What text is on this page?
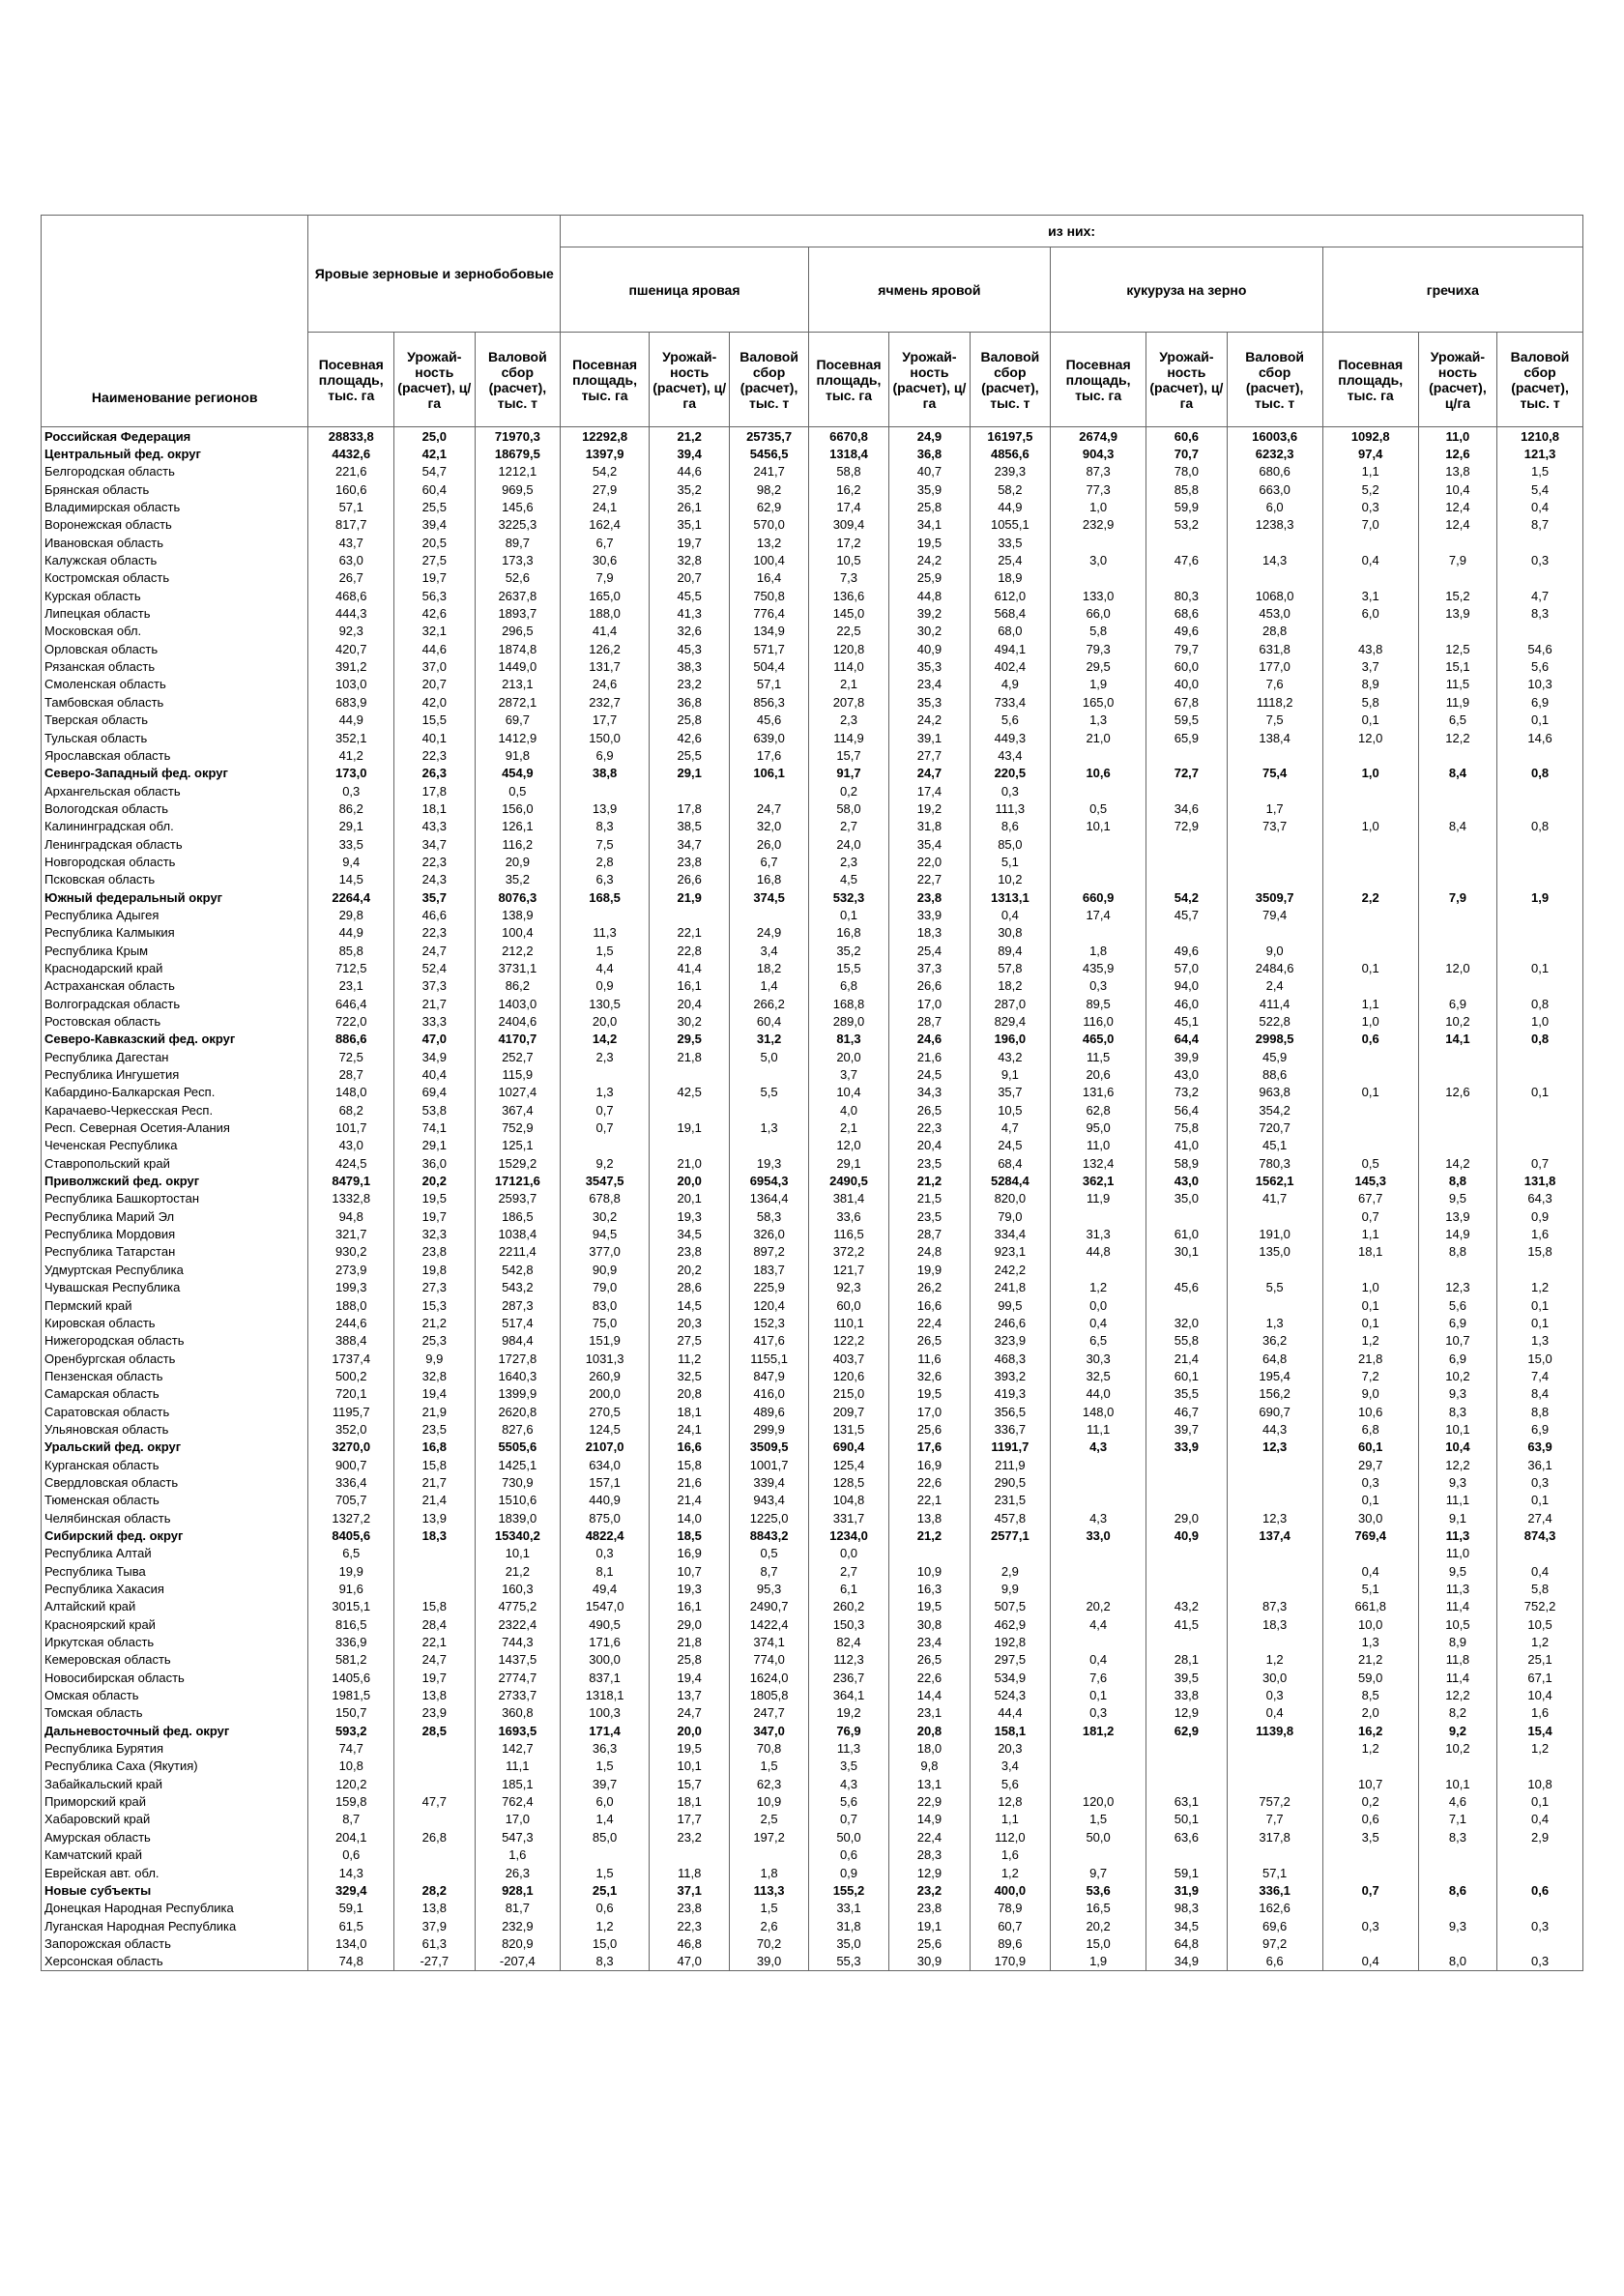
Наименование регионов	Яровые зерновые и зернобобовые			из них:											
				пшеница яровая			ячмень яровой			кукуруза на зерно			гречиха		
	Посевная площадь, тыс. га	Урожай-ность (расчет), ц/га	Валовой сбор (расчет), тыс. т	Посевная площадь, тыс. га	Урожай-ность (расчет), ц/га	Валовой сбор (расчет), тыс. т	Посевная площадь, тыс. га	Урожай-ность (расчет), ц/га	Валовой сбор (расчет), тыс. т	Посевная площадь, тыс. га	Урожай-ность (расчет), ц/га	Валовой сбор (расчет), тыс. т	Посевная площадь, тыс. га	Урожай-ность (расчет), ц/га	Валовой сбор (расчет), тыс. т
Российская Федерация	28833,8	25,0	71970,3	12292,8	21,2	25735,7	6670,8	24,9	16197,5	2674,9	60,6	16003,6	1092,8	11,0	1210,8
Центральный фед. округ	4432,6	42,1	18679,5	1397,9	39,4	5456,5	1318,4	36,8	4856,6	904,3	70,7	6232,3	97,4	12,6	121,3
Белгородская область	221,6	54,7	1212,1	54,2	44,6	241,7	58,8	40,7	239,3	87,3	78,0	680,6	1,1	13,8	1,5
Брянская область	160,6	60,4	969,5	27,9	35,2	98,2	16,2	35,9	58,2	77,3	85,8	663,0	5,2	10,4	5,4
Владимирская область	57,1	25,5	145,6	24,1	26,1	62,9	17,4	25,8	44,9	1,0	59,9	6,0	0,3	12,4	0,4
Воронежская область	817,7	39,4	3225,3	162,4	35,1	570,0	309,4	34,1	1055,1	232,9	53,2	1238,3	7,0	12,4	8,7
Ивановская область	43,7	20,5	89,7	6,7	19,7	13,2	17,2	19,5	33,5						
Калужская область	63,0	27,5	173,3	30,6	32,8	100,4	10,5	24,2	25,4	3,0	47,6	14,3	0,4	7,9	0,3
Костромская область	26,7	19,7	52,6	7,9	20,7	16,4	7,3	25,9	18,9						
Курская область	468,6	56,3	2637,8	165,0	45,5	750,8	136,6	44,8	612,0	133,0	80,3	1068,0	3,1	15,2	4,7
Липецкая область	444,3	42,6	1893,7	188,0	41,3	776,4	145,0	39,2	568,4	66,0	68,6	453,0	6,0	13,9	8,3
Московская обл.	92,3	32,1	296,5	41,4	32,6	134,9	22,5	30,2	68,0	5,8	49,6	28,8			
Орловская область	420,7	44,6	1874,8	126,2	45,3	571,7	120,8	40,9	494,1	79,3	79,7	631,8	43,8	12,5	54,6
Рязанская область	391,2	37,0	1449,0	131,7	38,3	504,4	114,0	35,3	402,4	29,5	60,0	177,0	3,7	15,1	5,6
Смоленская область	103,0	20,7	213,1	24,6	23,2	57,1	2,1	23,4	4,9	1,9	40,0	7,6	8,9	11,5	10,3
Тамбовская область	683,9	42,0	2872,1	232,7	36,8	856,3	207,8	35,3	733,4	165,0	67,8	1118,2	5,8	11,9	6,9
Тверская область	44,9	15,5	69,7	17,7	25,8	45,6	2,3	24,2	5,6	1,3	59,5	7,5	0,1	6,5	0,1
Тульская область	352,1	40,1	1412,9	150,0	42,6	639,0	114,9	39,1	449,3	21,0	65,9	138,4	12,0	12,2	14,6
Ярославская область	41,2	22,3	91,8	6,9	25,5	17,6	15,7	27,7	43,4						
Северо-Западный фед. округ	173,0	26,3	454,9	38,8	29,1	106,1	91,7	24,7	220,5	10,6	72,7	75,4	1,0	8,4	0,8
Архангельская область	0,3	17,8	0,5				0,2	17,4	0,3						
Вологодская область	86,2	18,1	156,0	13,9	17,8	24,7	58,0	19,2	111,3	0,5	34,6	1,7			
Калининградская обл.	29,1	43,3	126,1	8,3	38,5	32,0	2,7	31,8	8,6	10,1	72,9	73,7	1,0	8,4	0,8
Ленинградская область	33,5	34,7	116,2	7,5	34,7	26,0	24,0	35,4	85,0						
Новгородская область	9,4	22,3	20,9	2,8	23,8	6,7	2,3	22,0	5,1						
Псковская область	14,5	24,3	35,2	6,3	26,6	16,8	4,5	22,7	10,2						
Южный федеральный округ	2264,4	35,7	8076,3	168,5	21,9	374,5	532,3	23,8	1313,1	660,9	54,2	3509,7	2,2	7,9	1,9
Республика Адыгея	29,8	46,6	138,9				0,1	33,9	0,4	17,4	45,7	79,4			
Республика Калмыкия	44,9	22,3	100,4	11,3	22,1	24,9	16,8	18,3	30,8						
Республика Крым	85,8	24,7	212,2	1,5	22,8	3,4	35,2	25,4	89,4	1,8	49,6	9,0			
Краснодарский край	712,5	52,4	3731,1	4,4	41,4	18,2	15,5	37,3	57,8	435,9	57,0	2484,6	0,1	12,0	0,1
Астраханская область	23,1	37,3	86,2	0,9	16,1	1,4	6,8	26,6	18,2	0,3	94,0	2,4			
Волгоградская область	646,4	21,7	1403,0	130,5	20,4	266,2	168,8	17,0	287,0	89,5	46,0	411,4	1,1	6,9	0,8
Ростовская область	722,0	33,3	2404,6	20,0	30,2	60,4	289,0	28,7	829,4	116,0	45,1	522,8	1,0	10,2	1,0
Северо-Кавказский фед. округ	886,6	47,0	4170,7	14,2	29,5	31,2	81,3	24,6	196,0	465,0	64,4	2998,5	0,6	14,1	0,8
Республика Дагестан	72,5	34,9	252,7	2,3	21,8	5,0	20,0	21,6	43,2	11,5	39,9	45,9			
Республика Ингушетия	28,7	40,4	115,9				3,7	24,5	9,1	20,6	43,0	88,6			
Кабардино-Балкарская Респ.	148,0	69,4	1027,4	1,3	42,5	5,5	10,4	34,3	35,7	131,6	73,2	963,8	0,1	12,6	0,1
Карачаево-Черкесская Респ.	68,2	53,8	367,4	0,7			4,0	26,5	10,5	62,8	56,4	354,2			
Респ. Северная Осетия-Алания	101,7	74,1	752,9	0,7	19,1	1,3	2,1	22,3	4,7	95,0	75,8	720,7			
Чеченская Республика	43,0	29,1	125,1				12,0	20,4	24,5	11,0	41,0	45,1			
Ставропольский край	424,5	36,0	1529,2	9,2	21,0	19,3	29,1	23,5	68,4	132,4	58,9	780,3	0,5	14,2	0,7
Приволжский фед. округ	8479,1	20,2	17121,6	3547,5	20,0	6954,3	2490,5	21,2	5284,4	362,1	43,0	1562,1	145,3	8,8	131,8
Республика Башкортостан	1332,8	19,5	2593,7	678,8	20,1	1364,4	381,4	21,5	820,0	11,9	35,0	41,7	67,7	9,5	64,3
Республика Марий Эл	94,8	19,7	186,5	30,2	19,3	58,3	33,6	23,5	79,0				0,7	13,9	0,9
Республика Мордовия	321,7	32,3	1038,4	94,5	34,5	326,0	116,5	28,7	334,4	31,3	61,0	191,0	1,1	14,9	1,6
Республика Татарстан	930,2	23,8	2211,4	377,0	23,8	897,2	372,2	24,8	923,1	44,8	30,1	135,0	18,1	8,8	15,8
Удмуртская Республика	273,9	19,8	542,8	90,9	20,2	183,7	121,7	19,9	242,2						
Чувашская Республика	199,3	27,3	543,2	79,0	28,6	225,9	92,3	26,2	241,8	1,2	45,6	5,5	1,0	12,3	1,2
Пермский край	188,0	15,3	287,3	83,0	14,5	120,4	60,0	16,6	99,5	0,0			0,1	5,6	0,1
Кировская область	244,6	21,2	517,4	75,0	20,3	152,3	110,1	22,4	246,6	0,4	32,0	1,3	0,1	6,9	0,1
Нижегородская область	388,4	25,3	984,4	151,9	27,5	417,6	122,2	26,5	323,9	6,5	55,8	36,2	1,2	10,7	1,3
Оренбургская область	1737,4	9,9	1727,8	1031,3	11,2	1155,1	403,7	11,6	468,3	30,3	21,4	64,8	21,8	6,9	15,0
Пензенская область	500,2	32,8	1640,3	260,9	32,5	847,9	120,6	32,6	393,2	32,5	60,1	195,4	7,2	10,2	7,4
Самарская область	720,1	19,4	1399,9	200,0	20,8	416,0	215,0	19,5	419,3	44,0	35,5	156,2	9,0	9,3	8,4
Саратовская область	1195,7	21,9	2620,8	270,5	18,1	489,6	209,7	17,0	356,5	148,0	46,7	690,7	10,6	8,3	8,8
Ульяновская область	352,0	23,5	827,6	124,5	24,1	299,9	131,5	25,6	336,7	11,1	39,7	44,3	6,8	10,1	6,9
Уральский фед. округ	3270,0	16,8	5505,6	2107,0	16,6	3509,5	690,4	17,6	1191,7	4,3	33,9	12,3	60,1	10,4	63,9
Курганская область	900,7	15,8	1425,1	634,0	15,8	1001,7	125,4	16,9	211,9				29,7	12,2	36,1
Свердловская область	336,4	21,7	730,9	157,1	21,6	339,4	128,5	22,6	290,5				0,3	9,3	0,3
Тюменская область	705,7	21,4	1510,6	440,9	21,4	943,4	104,8	22,1	231,5				0,1	11,1	0,1
Челябинская область	1327,2	13,9	1839,0	875,0	14,0	1225,0	331,7	13,8	457,8	4,3	29,0	12,3	30,0	9,1	27,4
Сибирский фед. округ	8405,6	18,3	15340,2	4822,4	18,5	8843,2	1234,0	21,2	2577,1	33,0	40,9	137,4	769,4	11,3	874,3
Республика Алтай	6,5		10,1	0,3	16,9	0,5	0,0							11,0	
Республика Тыва	19,9		21,2	8,1	10,7	8,7	2,7	10,9	2,9				0,4	9,5	0,4
Республика Хакасия	91,6		160,3	49,4	19,3	95,3	6,1	16,3	9,9				5,1	11,3	5,8
Алтайский край	3015,1	15,8	4775,2	1547,0	16,1	2490,7	260,2	19,5	507,5	20,2	43,2	87,3	661,8	11,4	752,2
Красноярский край	816,5	28,4	2322,4	490,5	29,0	1422,4	150,3	30,8	462,9	4,4	41,5	18,3	10,0	10,5	10,5
Иркутская область	336,9	22,1	744,3	171,6	21,8	374,1	82,4	23,4	192,8				1,3	8,9	1,2
Кемеровская область	581,2	24,7	1437,5	300,0	25,8	774,0	112,3	26,5	297,5	0,4	28,1	1,2	21,2	11,8	25,1
Новосибирская область	1405,6	19,7	2774,7	837,1	19,4	1624,0	236,7	22,6	534,9	7,6	39,5	30,0	59,0	11,4	67,1
Омская область	1981,5	13,8	2733,7	1318,1	13,7	1805,8	364,1	14,4	524,3	0,1	33,8	0,3	8,5	12,2	10,4
Томская область	150,7	23,9	360,8	100,3	24,7	247,7	19,2	23,1	44,4	0,3	12,9	0,4	2,0	8,2	1,6
Дальневосточный фед. округ	593,2	28,5	1693,5	171,4	20,0	347,0	76,9	20,8	158,1	181,2	62,9	1139,8	16,2	9,2	15,4
Республика Бурятия	74,7		142,7	36,3	19,5	70,8	11,3	18,0	20,3				1,2	10,2	1,2
Республика Саха (Якутия)	10,8		11,1	1,5	10,1	1,5	3,5	9,8	3,4						
Забайкальский край	120,2		185,1	39,7	15,7	62,3	4,3	13,1	5,6				10,7	10,1	10,8
Приморский край	159,8	47,7	762,4	6,0	18,1	10,9	5,6	22,9	12,8	120,0	63,1	757,2	0,2	4,6	0,1
Хабаровский край	8,7		17,0	1,4	17,7	2,5	0,7	14,9	1,1	1,5	50,1	7,7	0,6	7,1	0,4
Амурская область	204,1	26,8	547,3	85,0	23,2	197,2	50,0	22,4	112,0	50,0	63,6	317,8	3,5	8,3	2,9
Камчатский край	0,6		1,6				0,6	28,3	1,6						
Еврейская авт. обл.	14,3		26,3	1,5	11,8	1,8	0,9	12,9	1,2	9,7	59,1	57,1			
Новые субъекты	329,4	28,2	928,1	25,1	37,1	113,3	155,2	23,2	400,0	53,6	31,9	336,1	0,7	8,6	0,6
Донецкая Народная Республика	59,1	13,8	81,7	0,6	23,8	1,5	33,1	23,8	78,9	16,5	98,3	162,6			
Луганская Народная Республика	61,5	37,9	232,9	1,2	22,3	2,6	31,8	19,1	60,7	20,2	34,5	69,6	0,3	9,3	0,3
Запорожская область	134,0	61,3	820,9	15,0	46,8	70,2	35,0	25,6	89,6	15,0	64,8	97,2			
Херсонская область	74,8	-27,7	-207,4	8,3	47,0	39,0	55,3	30,9	170,9	1,9	34,9	6,6	0,4	8,0	0,3
